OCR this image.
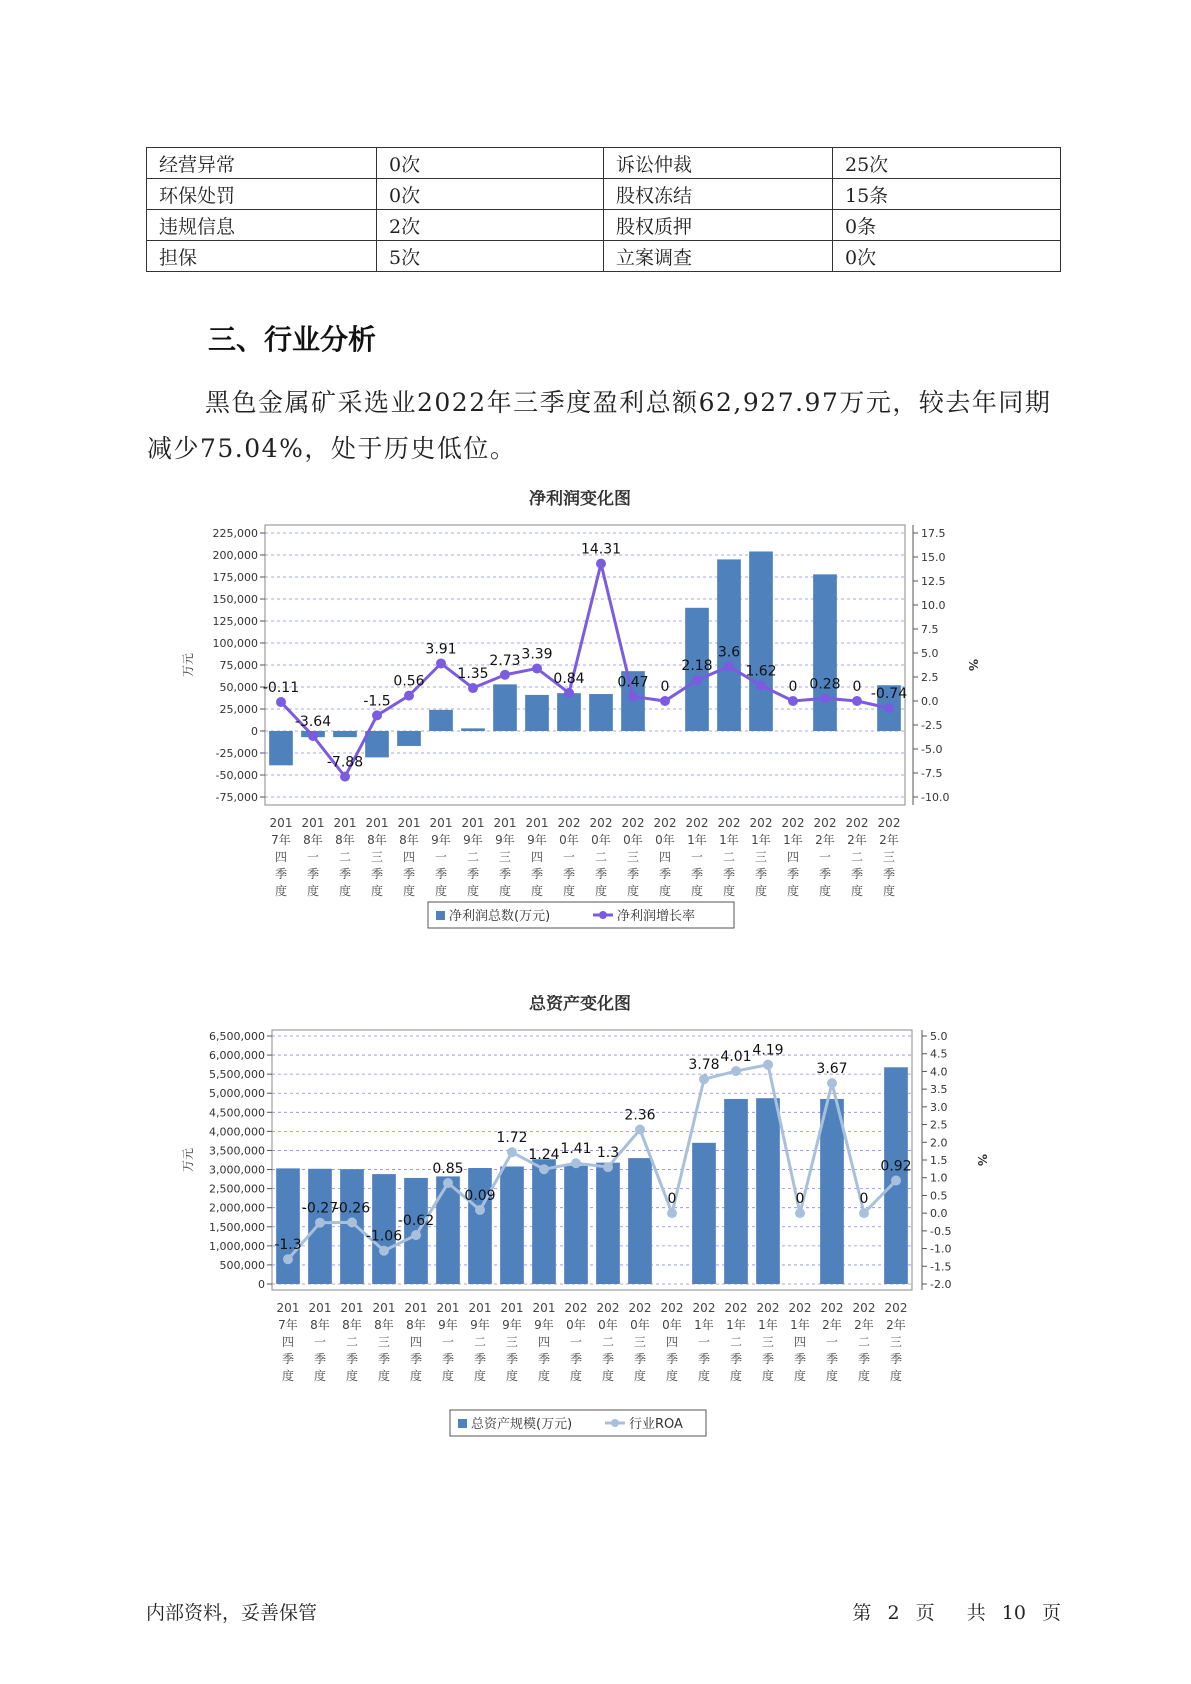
经营异常	0次	诉讼仲裁	25次
环保处罚	0次	股权冻结	15条
违规信息	2次	股权质押	0条
担保	5次	立案调查	0次
三、行业分析

黑色金属矿采选业2022年三季度盈利总额62,927.97万元，较去年同期减少75.04%，处于历史低位。

净利润变化图
225,000
200,000
175,000
150,000
125,000
100,000
75,000
50,000
25,000
0
-25,000
-50,000
-75,000
17.5
15.0
12.5
10.0
7.5
5.0
2.5
0.0
-2.5
-5.0
-7.5
-10.0
万元	%
-0.11
-3.64
-7.88
-1.5
0.56
3.91
1.35
2.73 3.39
0.84
14.31
0.47 0
2.18
3.6
1.62
0 0.28 0 -0.74
201
7年
四
季
度
201
8年
一
季
度
201
8年
二
季
度
201
8年
三
季
度
201
8年
四
季
度
201
9年
一
季
度
201
9年
二
季
度
201
9年
三
季
度
201
9年
四
季
度
202
0年
一
季
度
202
0年
二
季
度
202
0年
三
季
度
202
0年
四
季
度
202
1年
一
季
度
202
1年
二
季
度
202
1年
三
季
度
202
1年
四
季
度
202
2年
一
季
度
202
2年
二
季
度
202
2年
三
季
度
净利润总数(万元)	净利润增长率
总资产变化图
6,500,000
6,000,000
5,500,000
5,000,000
4,500,000
4,000,000
3,500,000
3,000,000
2,500,000
2,000,000
1,500,000
1,000,000
500,000
0
5.0
4.5
4.0
3.5
3.0
2.5
2.0
1.5
1.0
0.5
0.0
-0.5
-1.0
-1.5
-2.0
万元	%
-1.3
-0.27
-0.26
-1.06
-0.62
0.85
0.09
1.72
1.24 1.41 1.3
2.36
0
3.78
4.01 4.19
0
3.67
0
0.92
201
7年
四
季
度
201
8年
一
季
度
201
8年
二
季
度
201
8年
三
季
度
201
8年
四
季
度
201
9年
一
季
度
201
9年
二
季
度
201
9年
三
季
度
201
9年
四
季
度
202
0年
一
季
度
202
0年
二
季
度
202
0年
三
季
度
202
0年
四
季
度
202
1年
一
季
度
202
1年
二
季
度
202
1年
三
季
度
202
1年
四
季
度
202
2年
一
季
度
202
2年
二
季
度
202
2年
三
季
度
总资产规模(万元)	行业ROA
内部资料，妥善保管	第 2 页 共 10 页
